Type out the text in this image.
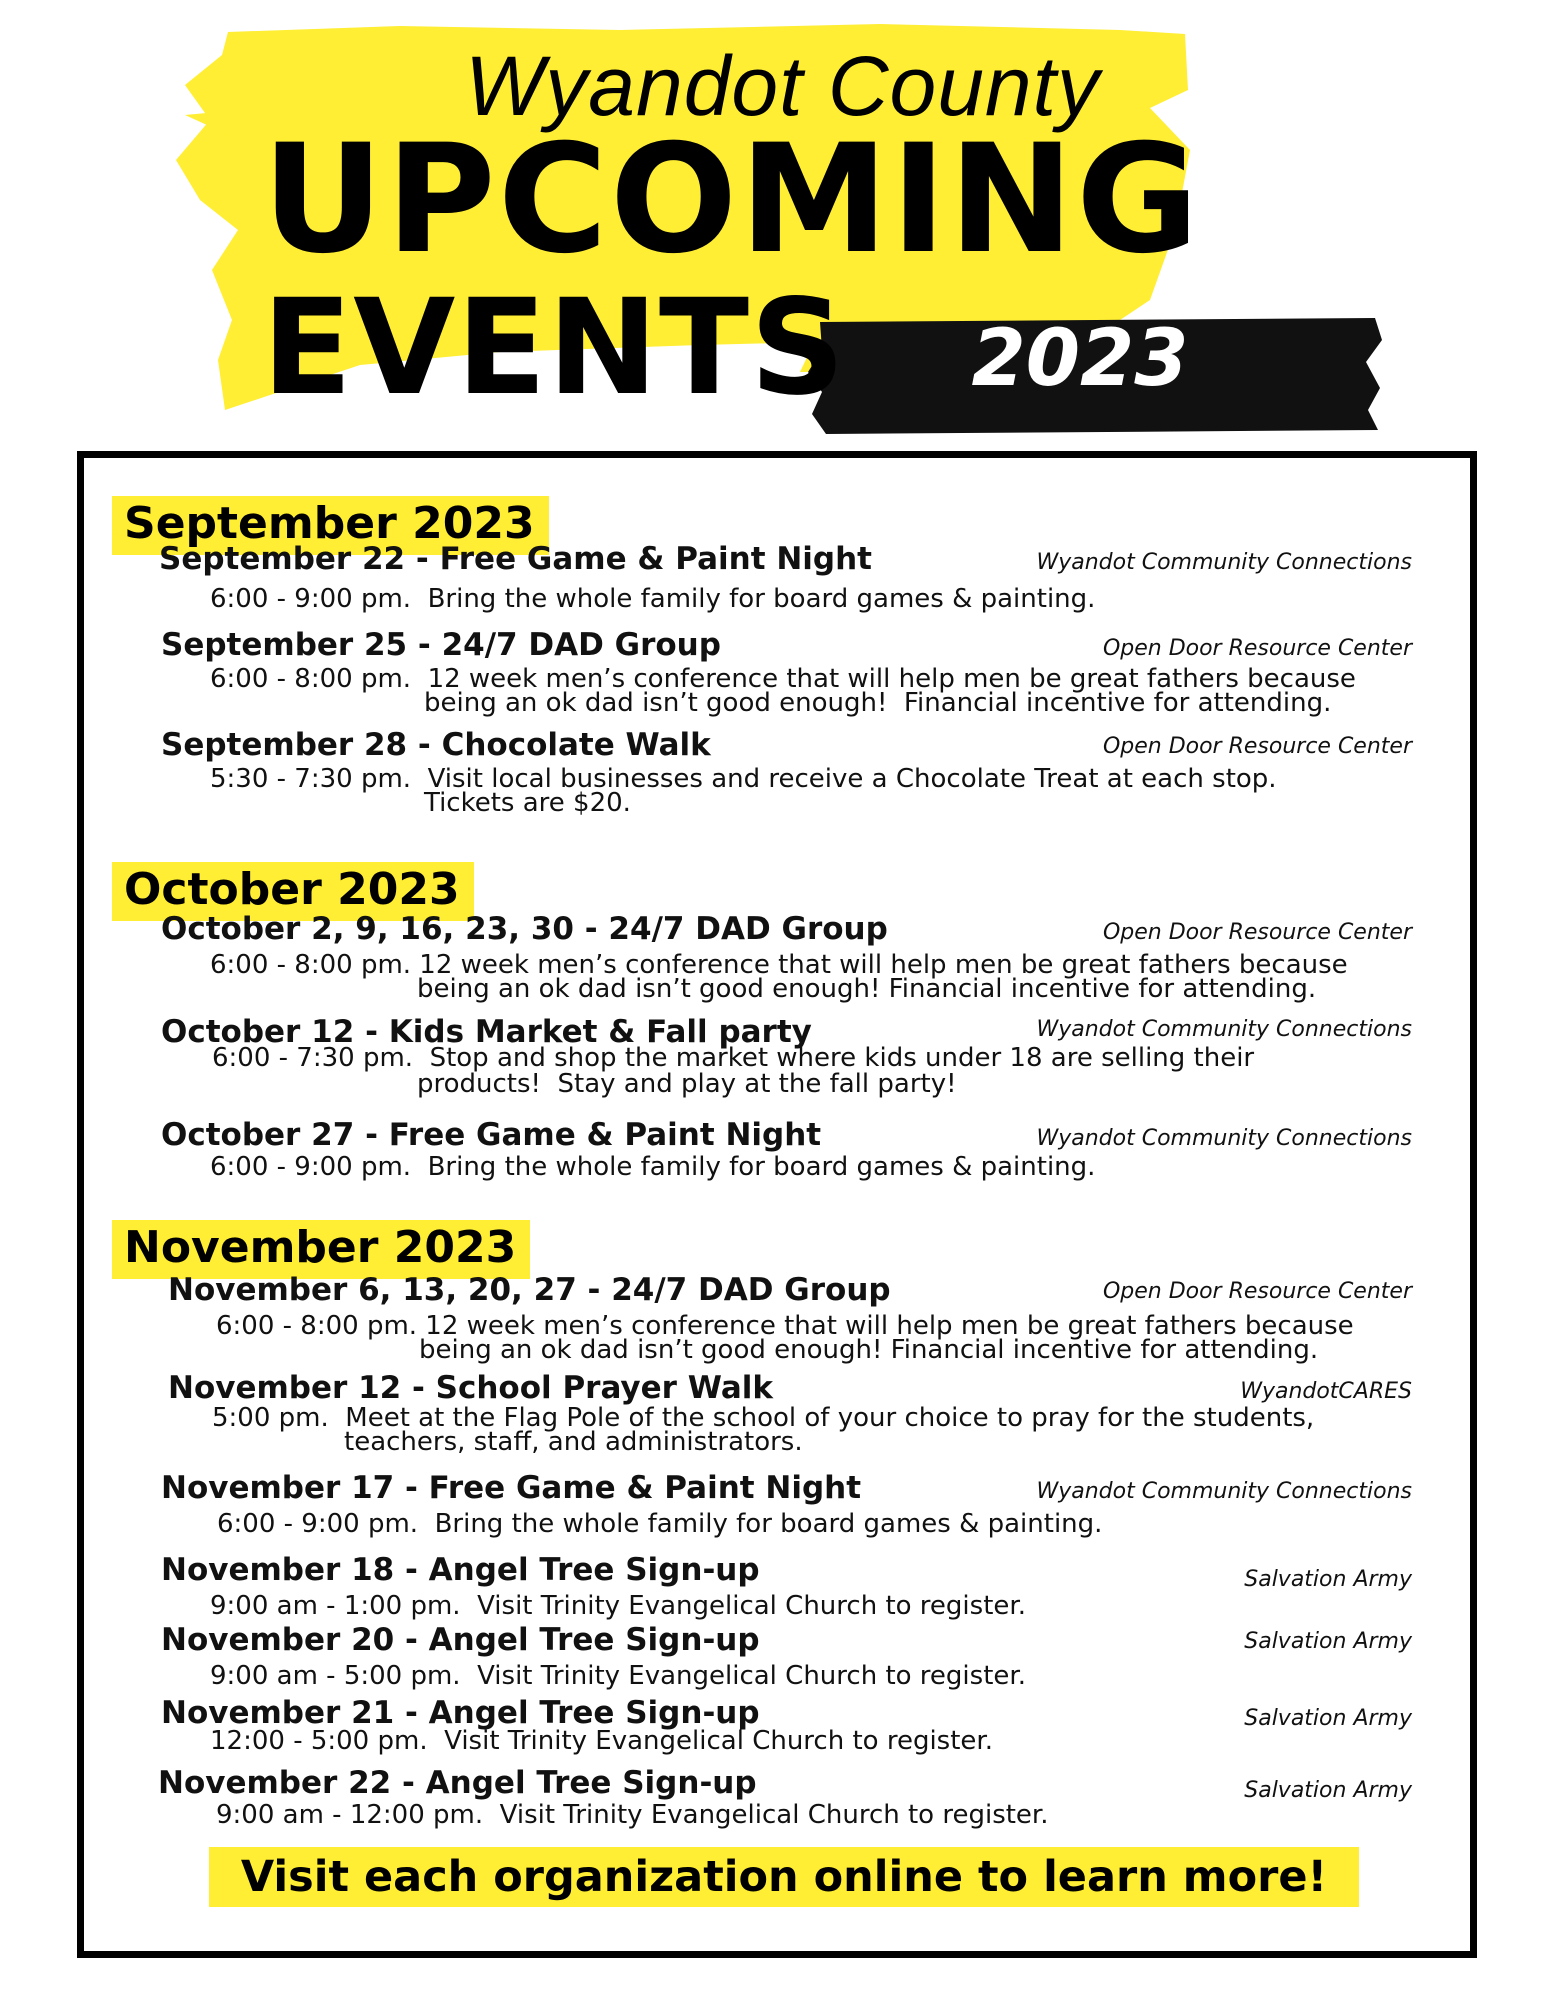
Wyandot County
UPCOMING
EVENTS 2023
September 2023
September 22 - Free Game & Paint Night	Wyandot Community Connections
6:00 - 9:00 pm.  Bring the whole family for board games & painting.
September 25 - 24/7 DAD Group	Open Door Resource Center
6:00 - 8:00 pm.  12 week men’s conference that will help men be great fathers because
being an ok dad isn’t good enough!  Financial incentive for attending.
September 28 - Chocolate Walk	Open Door Resource Center
5:30 - 7:30 pm.  Visit local businesses and receive a Chocolate Treat at each stop.
Tickets are $20.
October 2023
October 2, 9, 16, 23, 30 - 24/7 DAD Group	Open Door Resource Center
6:00 - 8:00 pm. 12 week men’s conference that will help men be great fathers because
being an ok dad isn’t good enough! Financial incentive for attending.
October 12 - Kids Market & Fall party	Wyandot Community Connections
6:00 - 7:30 pm.  Stop and shop the market where kids under 18 are selling their
products!  Stay and play at the fall party!
October 27 - Free Game & Paint Night	Wyandot Community Connections
6:00 - 9:00 pm.  Bring the whole family for board games & painting.
November 2023
November 6, 13, 20, 27 - 24/7 DAD Group	Open Door Resource Center
6:00 - 8:00 pm. 12 week men’s conference that will help men be great fathers because
being an ok dad isn’t good enough! Financial incentive for attending.
November 12 - School Prayer Walk	WyandotCARES
5:00 pm.  Meet at the Flag Pole of the school of your choice to pray for the students,
teachers, staff, and administrators.
November 17 - Free Game & Paint Night	Wyandot Community Connections
6:00 - 9:00 pm.  Bring the whole family for board games & painting.
November 18 - Angel Tree Sign-up	Salvation Army
9:00 am - 1:00 pm.  Visit Trinity Evangelical Church to register.
November 20 - Angel Tree Sign-up	Salvation Army
9:00 am - 5:00 pm.  Visit Trinity Evangelical Church to register.
November 21 - Angel Tree Sign-up	Salvation Army
12:00 - 5:00 pm.  Visit Trinity Evangelical Church to register.
November 22 - Angel Tree Sign-up	Salvation Army
9:00 am - 12:00 pm.  Visit Trinity Evangelical Church to register.
Visit each organization online to learn more!
